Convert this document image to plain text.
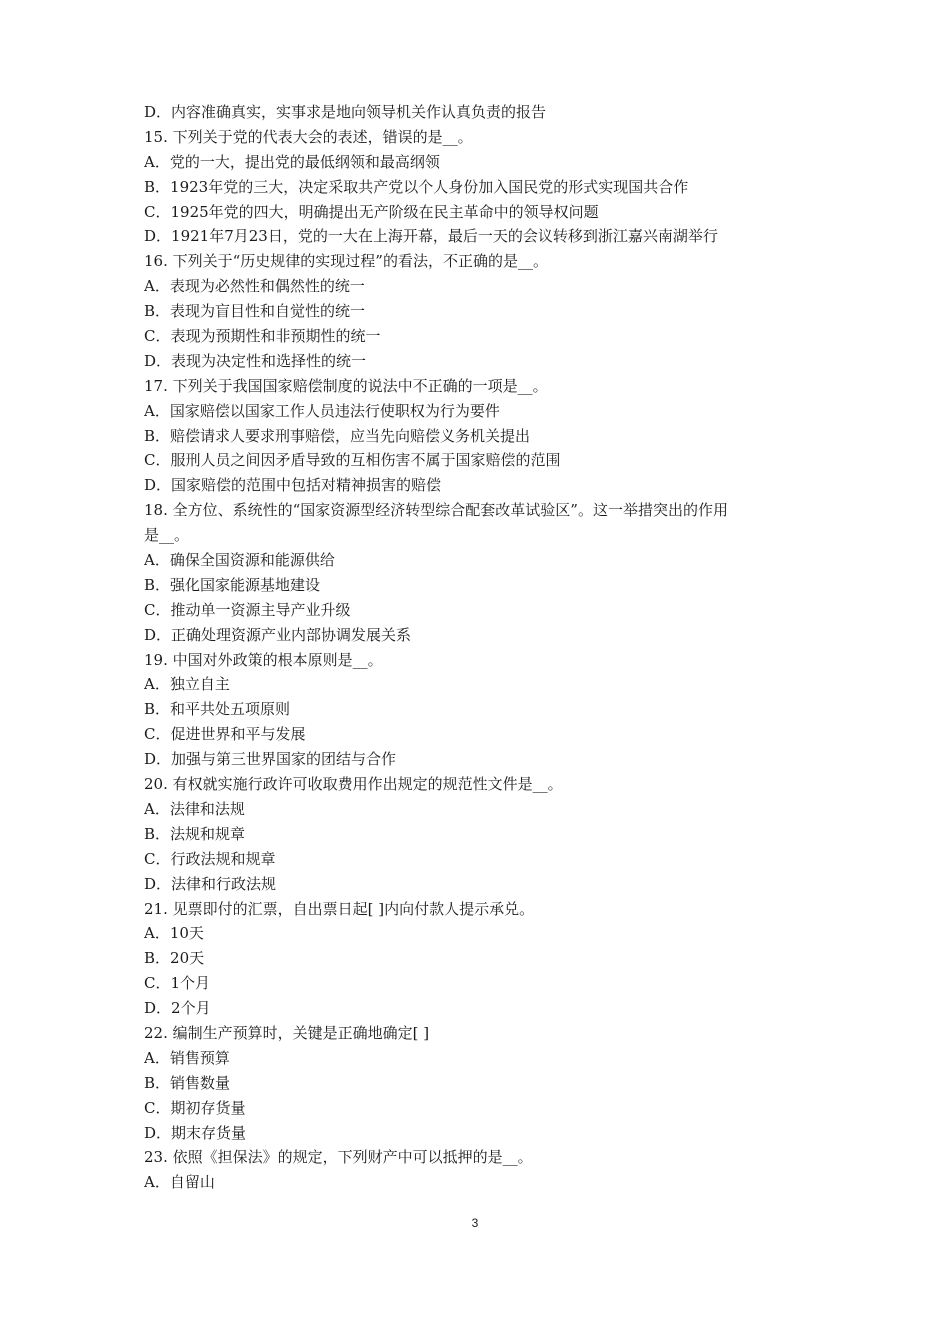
D．内容准确真实，实事求是地向领导机关作认真负责的报告
15. 下列关于党的代表大会的表述，错误的是__。
A．党的一大，提出党的最低纲领和最高纲领
B．1923年党的三大，决定采取共产党以个人身份加入国民党的形式实现国共合作
C．1925年党的四大，明确提出无产阶级在民主革命中的领导权问题
D．1921年7月23日，党的一大在上海开幕，最后一天的会议转移到浙江嘉兴南湖举行
16. 下列关于“历史规律的实现过程”的看法，不正确的是__。
A．表现为必然性和偶然性的统一
B．表现为盲目性和自觉性的统一
C．表现为预期性和非预期性的统一
D．表现为决定性和选择性的统一
17. 下列关于我国国家赔偿制度的说法中不正确的一项是__。
A．国家赔偿以国家工作人员违法行使职权为行为要件
B．赔偿请求人要求刑事赔偿，应当先向赔偿义务机关提出
C．服刑人员之间因矛盾导致的互相伤害不属于国家赔偿的范围
D．国家赔偿的范围中包括对精神损害的赔偿
18. 全方位、系统性的“国家资源型经济转型综合配套改革试验区”。这一举措突出的作用
是__。
A．确保全国资源和能源供给
B．强化国家能源基地建设
C．推动单一资源主导产业升级
D．正确处理资源产业内部协调发展关系
19. 中国对外政策的根本原则是__。
A．独立自主
B．和平共处五项原则
C．促进世界和平与发展
D．加强与第三世界国家的团结与合作
20. 有权就实施行政许可收取费用作出规定的规范性文件是__。
A．法律和法规
B．法规和规章
C．行政法规和规章
D．法律和行政法规
21. 见票即付的汇票，自出票日起[ ]内向付款人提示承兑。
A．10天
B．20天
C．1个月
D．2个月
22. 编制生产预算时，关键是正确地确定[ ]
A．销售预算
B．销售数量
C．期初存货量
D．期末存货量
23. 依照《担保法》的规定，下列财产中可以抵押的是__。
A．自留山
3
